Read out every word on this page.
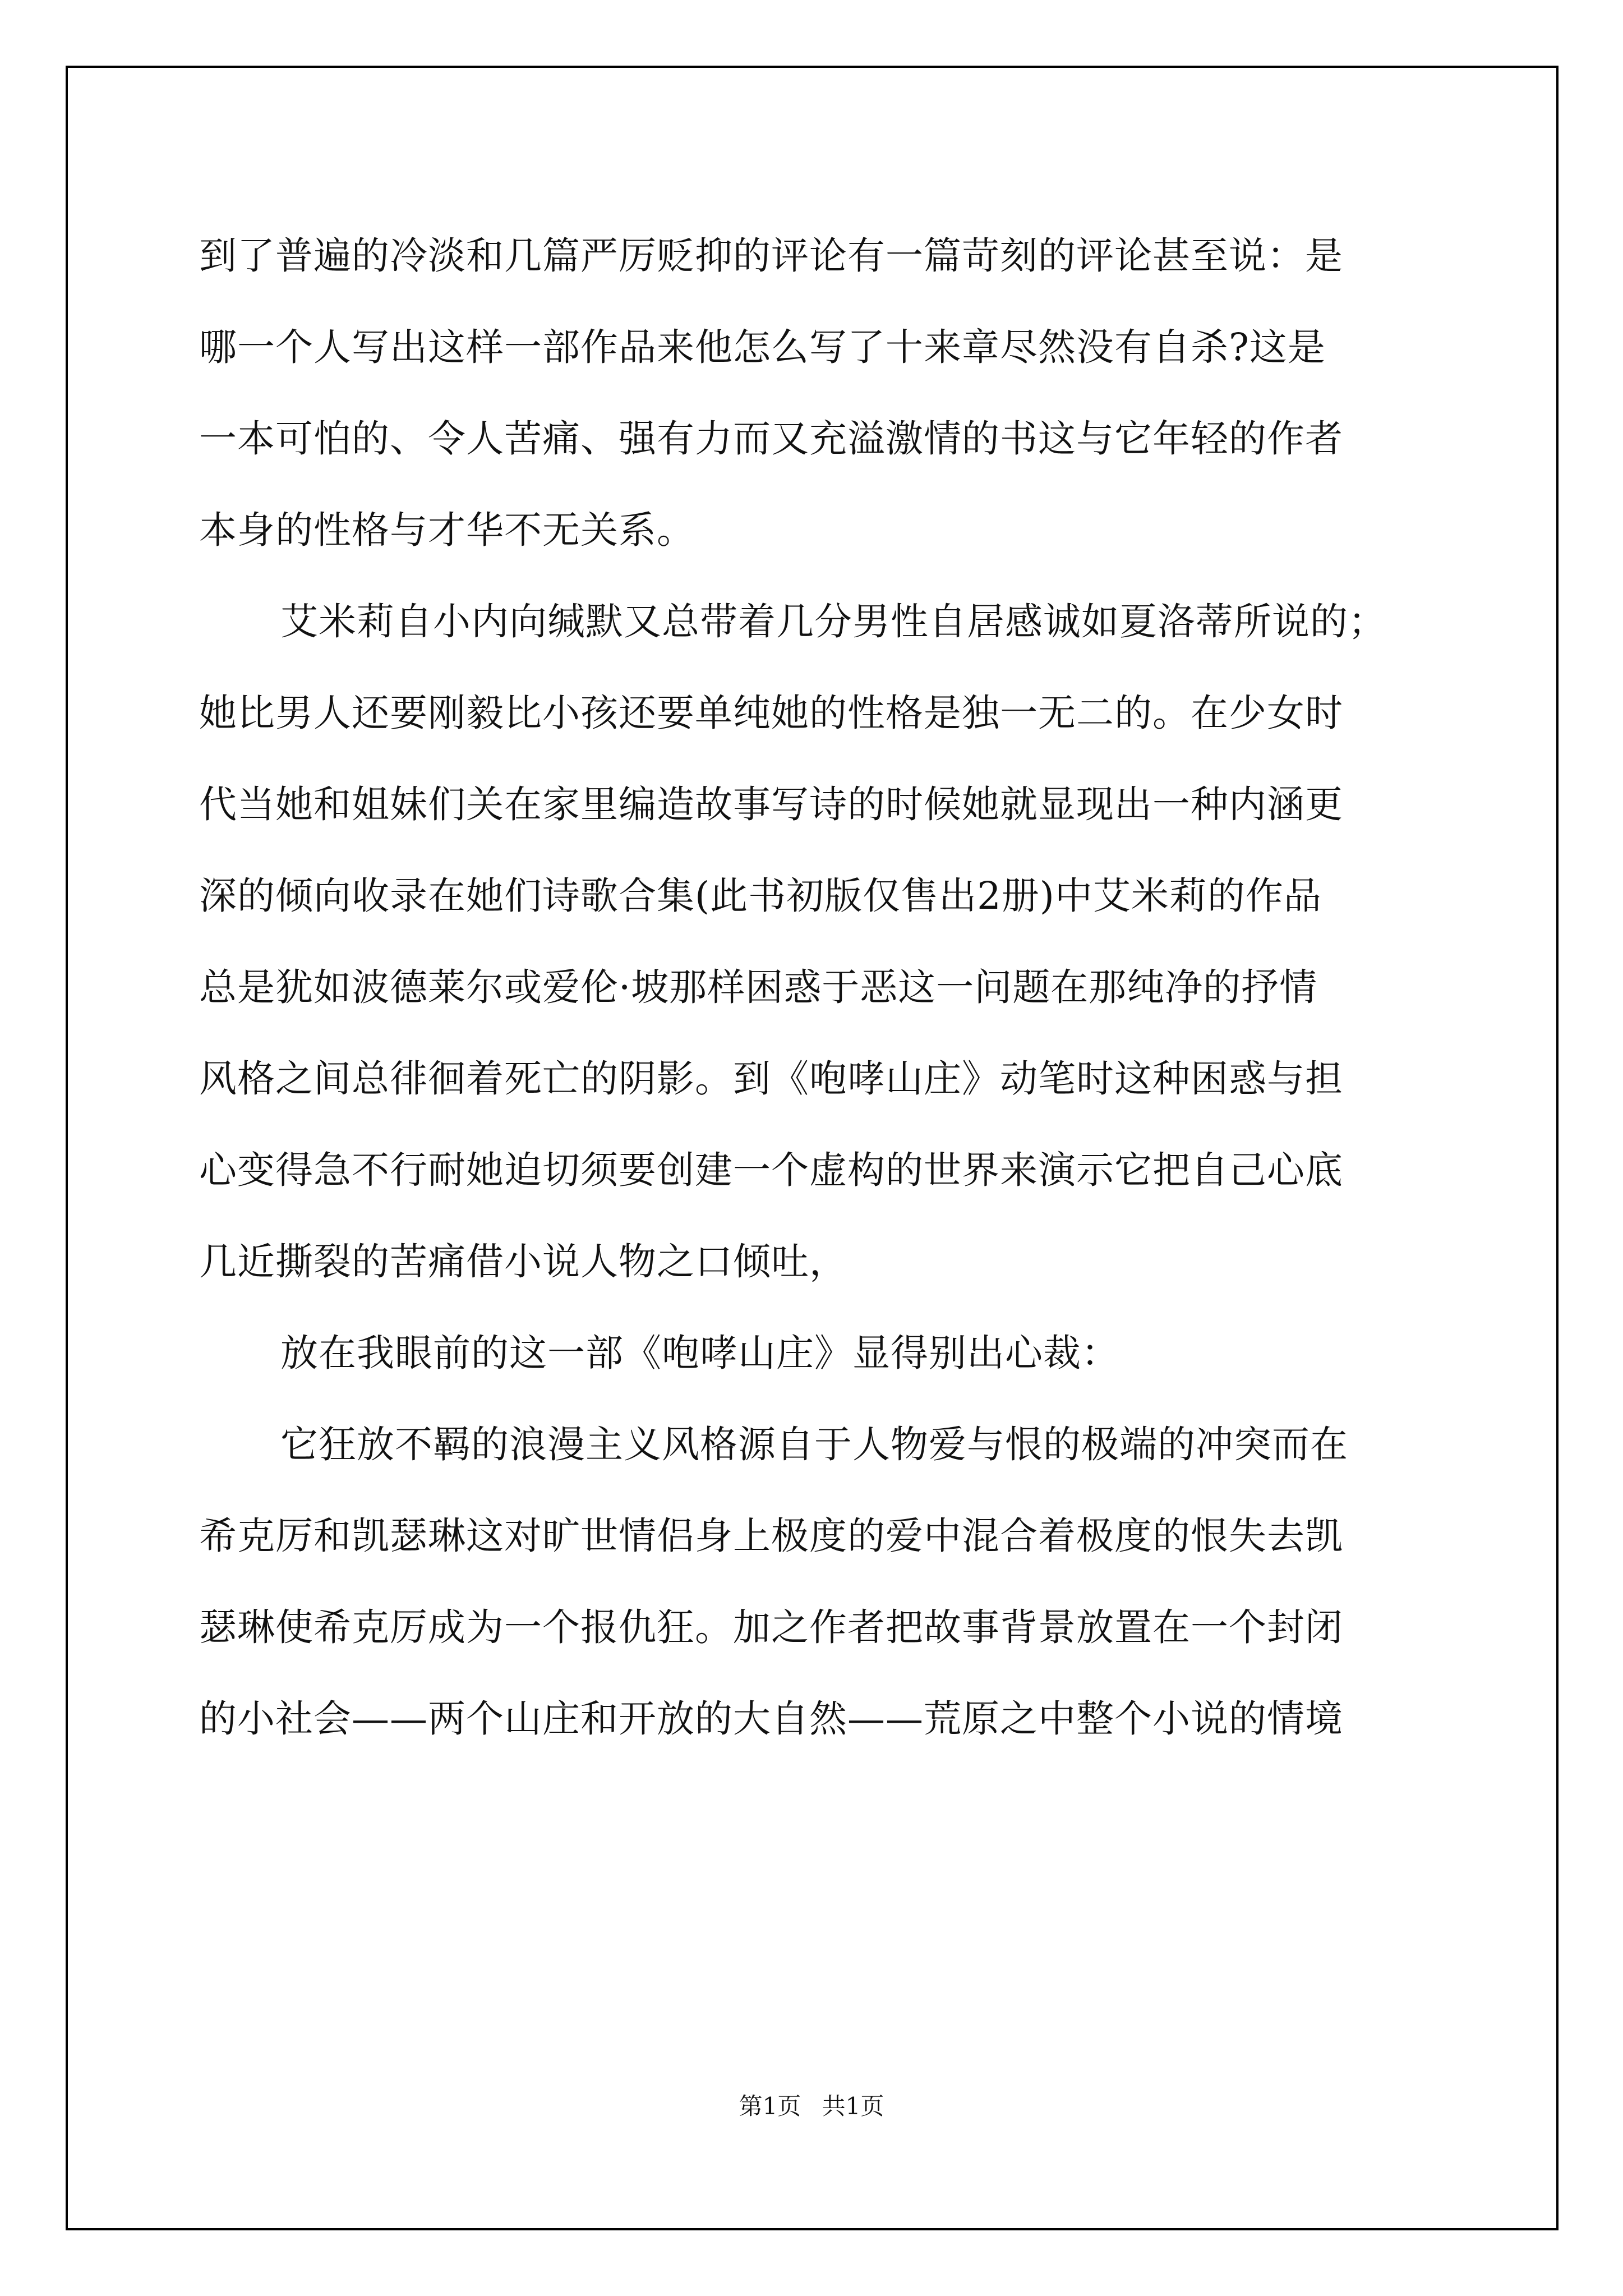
到了普遍的冷淡和几篇严厉贬抑的评论有一篇苛刻的评论甚至说：是
哪一个人写出这样一部作品来他怎么写了十来章尽然没有自杀?这是
一本可怕的、令人苦痛、强有力而又充溢激情的书这与它年轻的作者
本身的性格与才华不无关系。
艾米莉自小内向缄默又总带着几分男性自居感诚如夏洛蒂所说的；
她比男人还要刚毅比小孩还要单纯她的性格是独一无二的。在少女时
代当她和姐妹们关在家里编造故事写诗的时候她就显现出一种内涵更
深的倾向收录在她们诗歌合集(此书初版仅售出2册)中艾米莉的作品
总是犹如波德莱尔或爱伦·坡那样困惑于恶这一问题在那纯净的抒情
风格之间总徘徊着死亡的阴影。到《咆哮山庄》动笔时这种困惑与担
心变得急不行耐她迫切须要创建一个虚构的世界来演示它把自己心底
几近撕裂的苦痛借小说人物之口倾吐，
放在我眼前的这一部《咆哮山庄》显得别出心裁：
它狂放不羁的浪漫主义风格源自于人物爱与恨的极端的冲突而在
希克厉和凯瑟琳这对旷世情侣身上极度的爱中混合着极度的恨失去凯
瑟琳使希克厉成为一个报仇狂。加之作者把故事背景放置在一个封闭
的小社会——两个山庄和开放的大自然——荒原之中整个小说的情境
第1页 共1页
